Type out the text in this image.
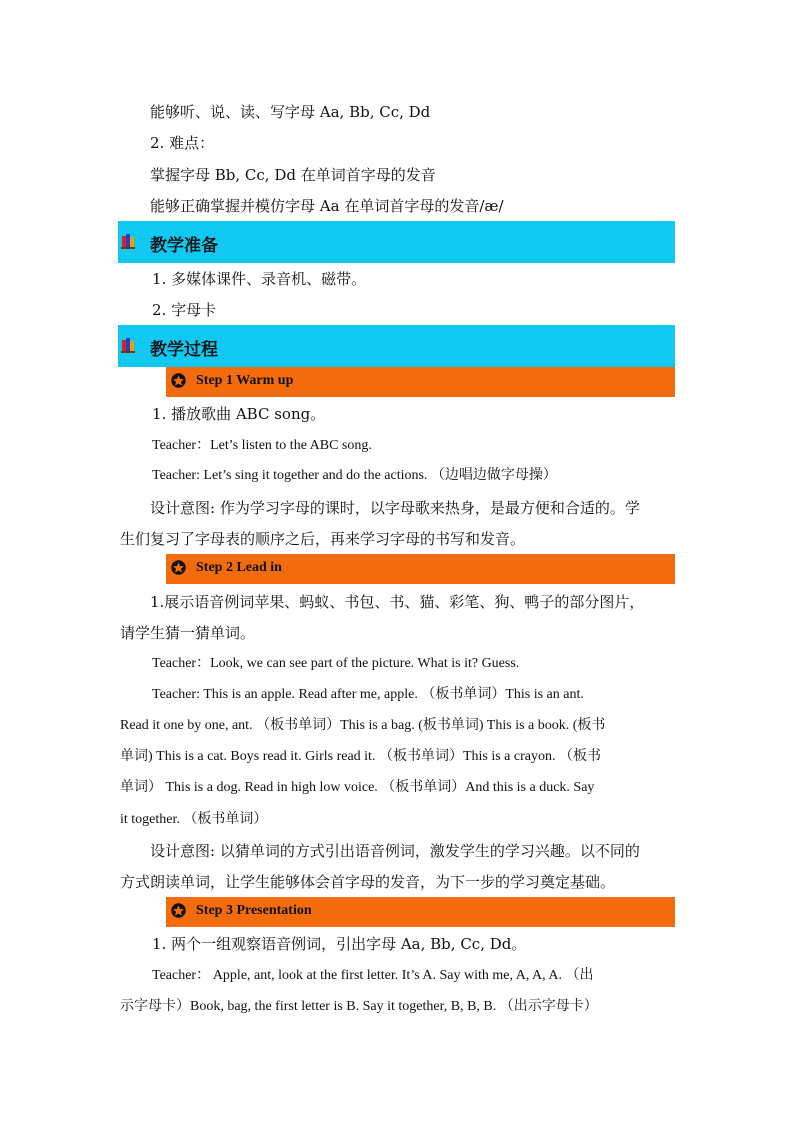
能够听、说、读、写字母 Aa, Bb, Cc, Dd
2. 难点：
掌握字母 Bb, Cc, Dd 在单词首字母的发音
能够正确掌握并模仿字母 Aa 在单词首字母的发音/æ/
教学准备
1. 多媒体课件、录音机、磁带。
2. 字母卡
教学过程
Step 1 Warm up
1. 播放歌曲 ABC song。
Teacher：Let’s listen to the ABC song.
Teacher: Let’s sing it together and do the actions. （边唱边做字母操）
设计意图: 作为学习字母的课时，以字母歌来热身，是最方便和合适的。学
生们复习了字母表的顺序之后，再来学习字母的书写和发音。
Step 2 Lead in
1.展示语音例词苹果、蚂蚁、书包、书、猫、彩笔、狗、鸭子的部分图片，
请学生猜一猜单词。
Teacher：Look, we can see part of the picture. What is it? Guess.
Teacher: This is an apple. Read after me, apple. （板书单词）This is an ant.
Read it one by one, ant. （板书单词）This is a bag. (板书单词) This is a book. (板书
单词) This is a cat. Boys read it. Girls read it. （板书单词）This is a crayon. （板书
单词） This is a dog. Read in high low voice. （板书单词）And this is a duck. Say
it together. （板书单词）
设计意图: 以猜单词的方式引出语音例词，激发学生的学习兴趣。以不同的
方式朗读单词，让学生能够体会首字母的发音，为下一步的学习奠定基础。
Step 3 Presentation
1. 两个一组观察语音例词，引出字母 Aa, Bb, Cc, Dd。
Teacher： Apple, ant, look at the first letter. It’s A. Say with me, A, A, A. （出
示字母卡）Book, bag, the first letter is B. Say it together, B, B, B. （出示字母卡）
